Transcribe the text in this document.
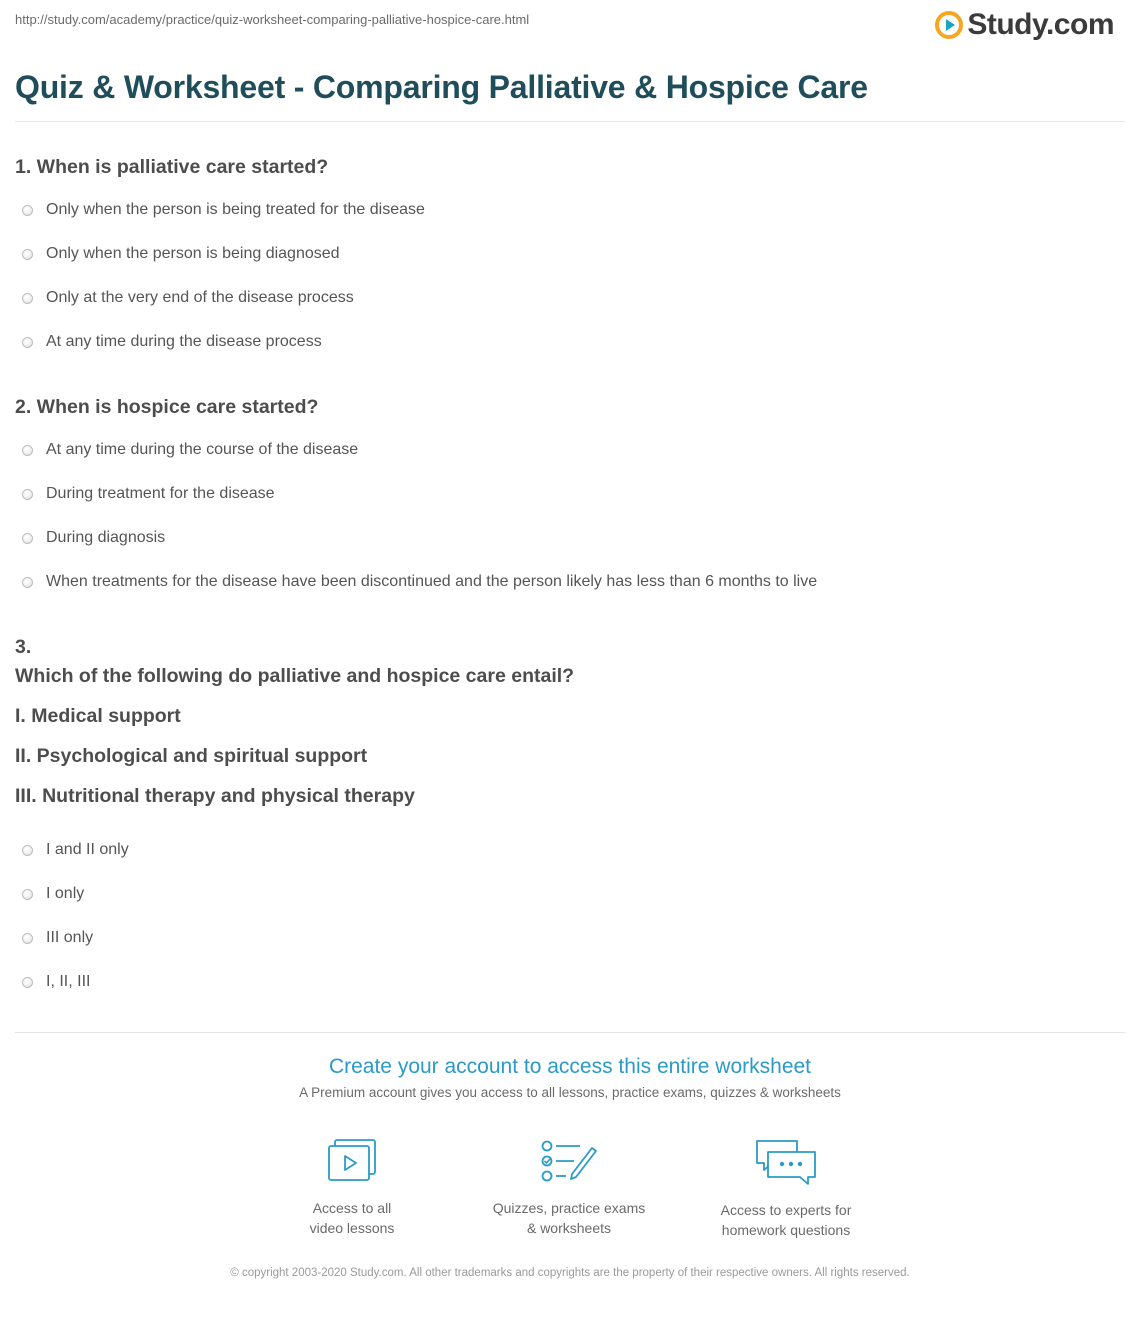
http://study.com/academy/practice/quiz-worksheet-comparing-palliative-hospice-care.html	Study.com
Quiz & Worksheet - Comparing Palliative & Hospice Care
1. When is palliative care started?
Only when the person is being treated for the disease
Only when the person is being diagnosed
Only at the very end of the disease process
At any time during the disease process
2. When is hospice care started?
At any time during the course of the disease
During treatment for the disease
During diagnosis
When treatments for the disease have been discontinued and the person likely has less than 6 months to live
3.
Which of the following do palliative and hospice care entail?
I. Medical support
II. Psychological and spiritual support
III. Nutritional therapy and physical therapy
I and II only
I only
III only
I, II, III
Create your account to access this entire worksheet
A Premium account gives you access to all lessons, practice exams, quizzes & worksheets
Access to all
video lessons
Quizzes, practice exams
& worksheets
Access to experts for
homework questions
© copyright 2003-2020 Study.com. All other trademarks and copyrights are the property of their respective owners. All rights reserved.
